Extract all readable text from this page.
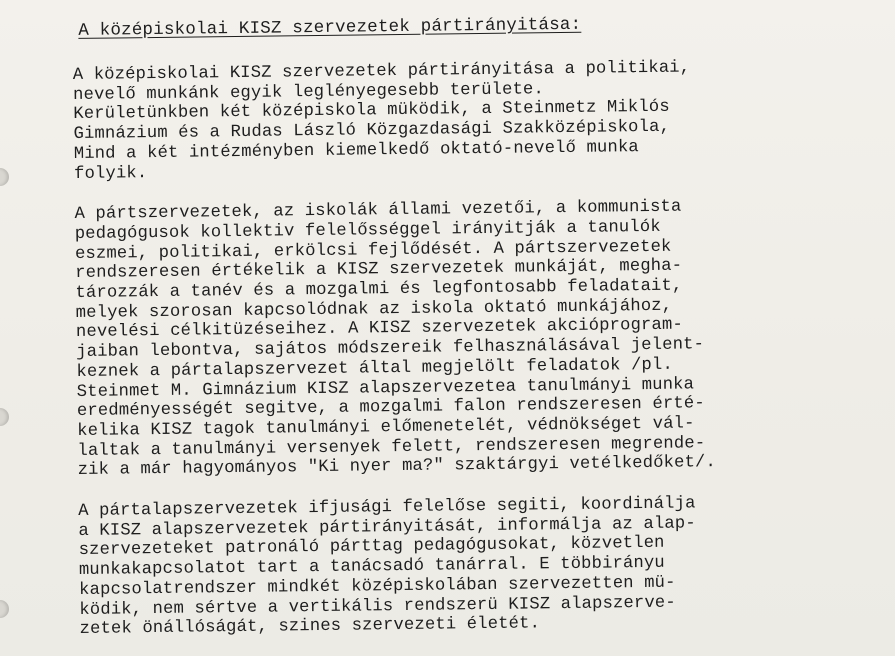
A középiskolai KISZ szervezetek pártirányitása:
A középiskolai KISZ szervezetek pártirányitása a politikai,
nevelő munkánk egyik leglényegesebb területe.
Kerületünkben két középiskola müködik, a Steinmetz Miklós
Gimnázium és a Rudas László Közgazdasági Szakközépiskola,
Mind a két intézményben kiemelkedő oktató-nevelő munka
folyik.
A pártszervezetek, az iskolák állami vezetői, a kommunista
pedagógusok kollektiv felelősséggel irányitják a tanulók
eszmei, politikai, erkölcsi fejlődését. A pártszervezetek
rendszeresen értékelik a KISZ szervezetek munkáját, megha-
tározzák a tanév és a mozgalmi és legfontosabb feladatait,
melyek szorosan kapcsolódnak az iskola oktató munkájához,
nevelési célkitüzéseihez. A KISZ szervezetek akcióprogram-
jaiban lebontva, sajátos módszereik felhasználásával jelent-
keznek a pártalapszervezet által megjelölt feladatok /pl.
Steinmet M. Gimnázium KISZ alapszervezetea tanulmányi munka
eredményességét segitve, a mozgalmi falon rendszeresen érté-
kelika KISZ tagok tanulmányi előmenetelét, védnökséget vál-
laltak a tanulmányi versenyek felett, rendszeresen megrende-
zik a már hagyományos "Ki nyer ma?" szaktárgyi vetélkedőket/.
A pártalapszervezetek ifjusági felelőse segiti, koordinálja
a KISZ alapszervezetek pártirányitását, informálja az alap-
szervezeteket patronáló párttag pedagógusokat, közvetlen
munkakapcsolatot tart a tanácsadó tanárral. E többirányu
kapcsolatrendszer mindkét középiskolában szervezetten mü-
ködik, nem sértve a vertikális rendszerü KISZ alapszerve-
zetek önállóságát, szines szervezeti életét.
